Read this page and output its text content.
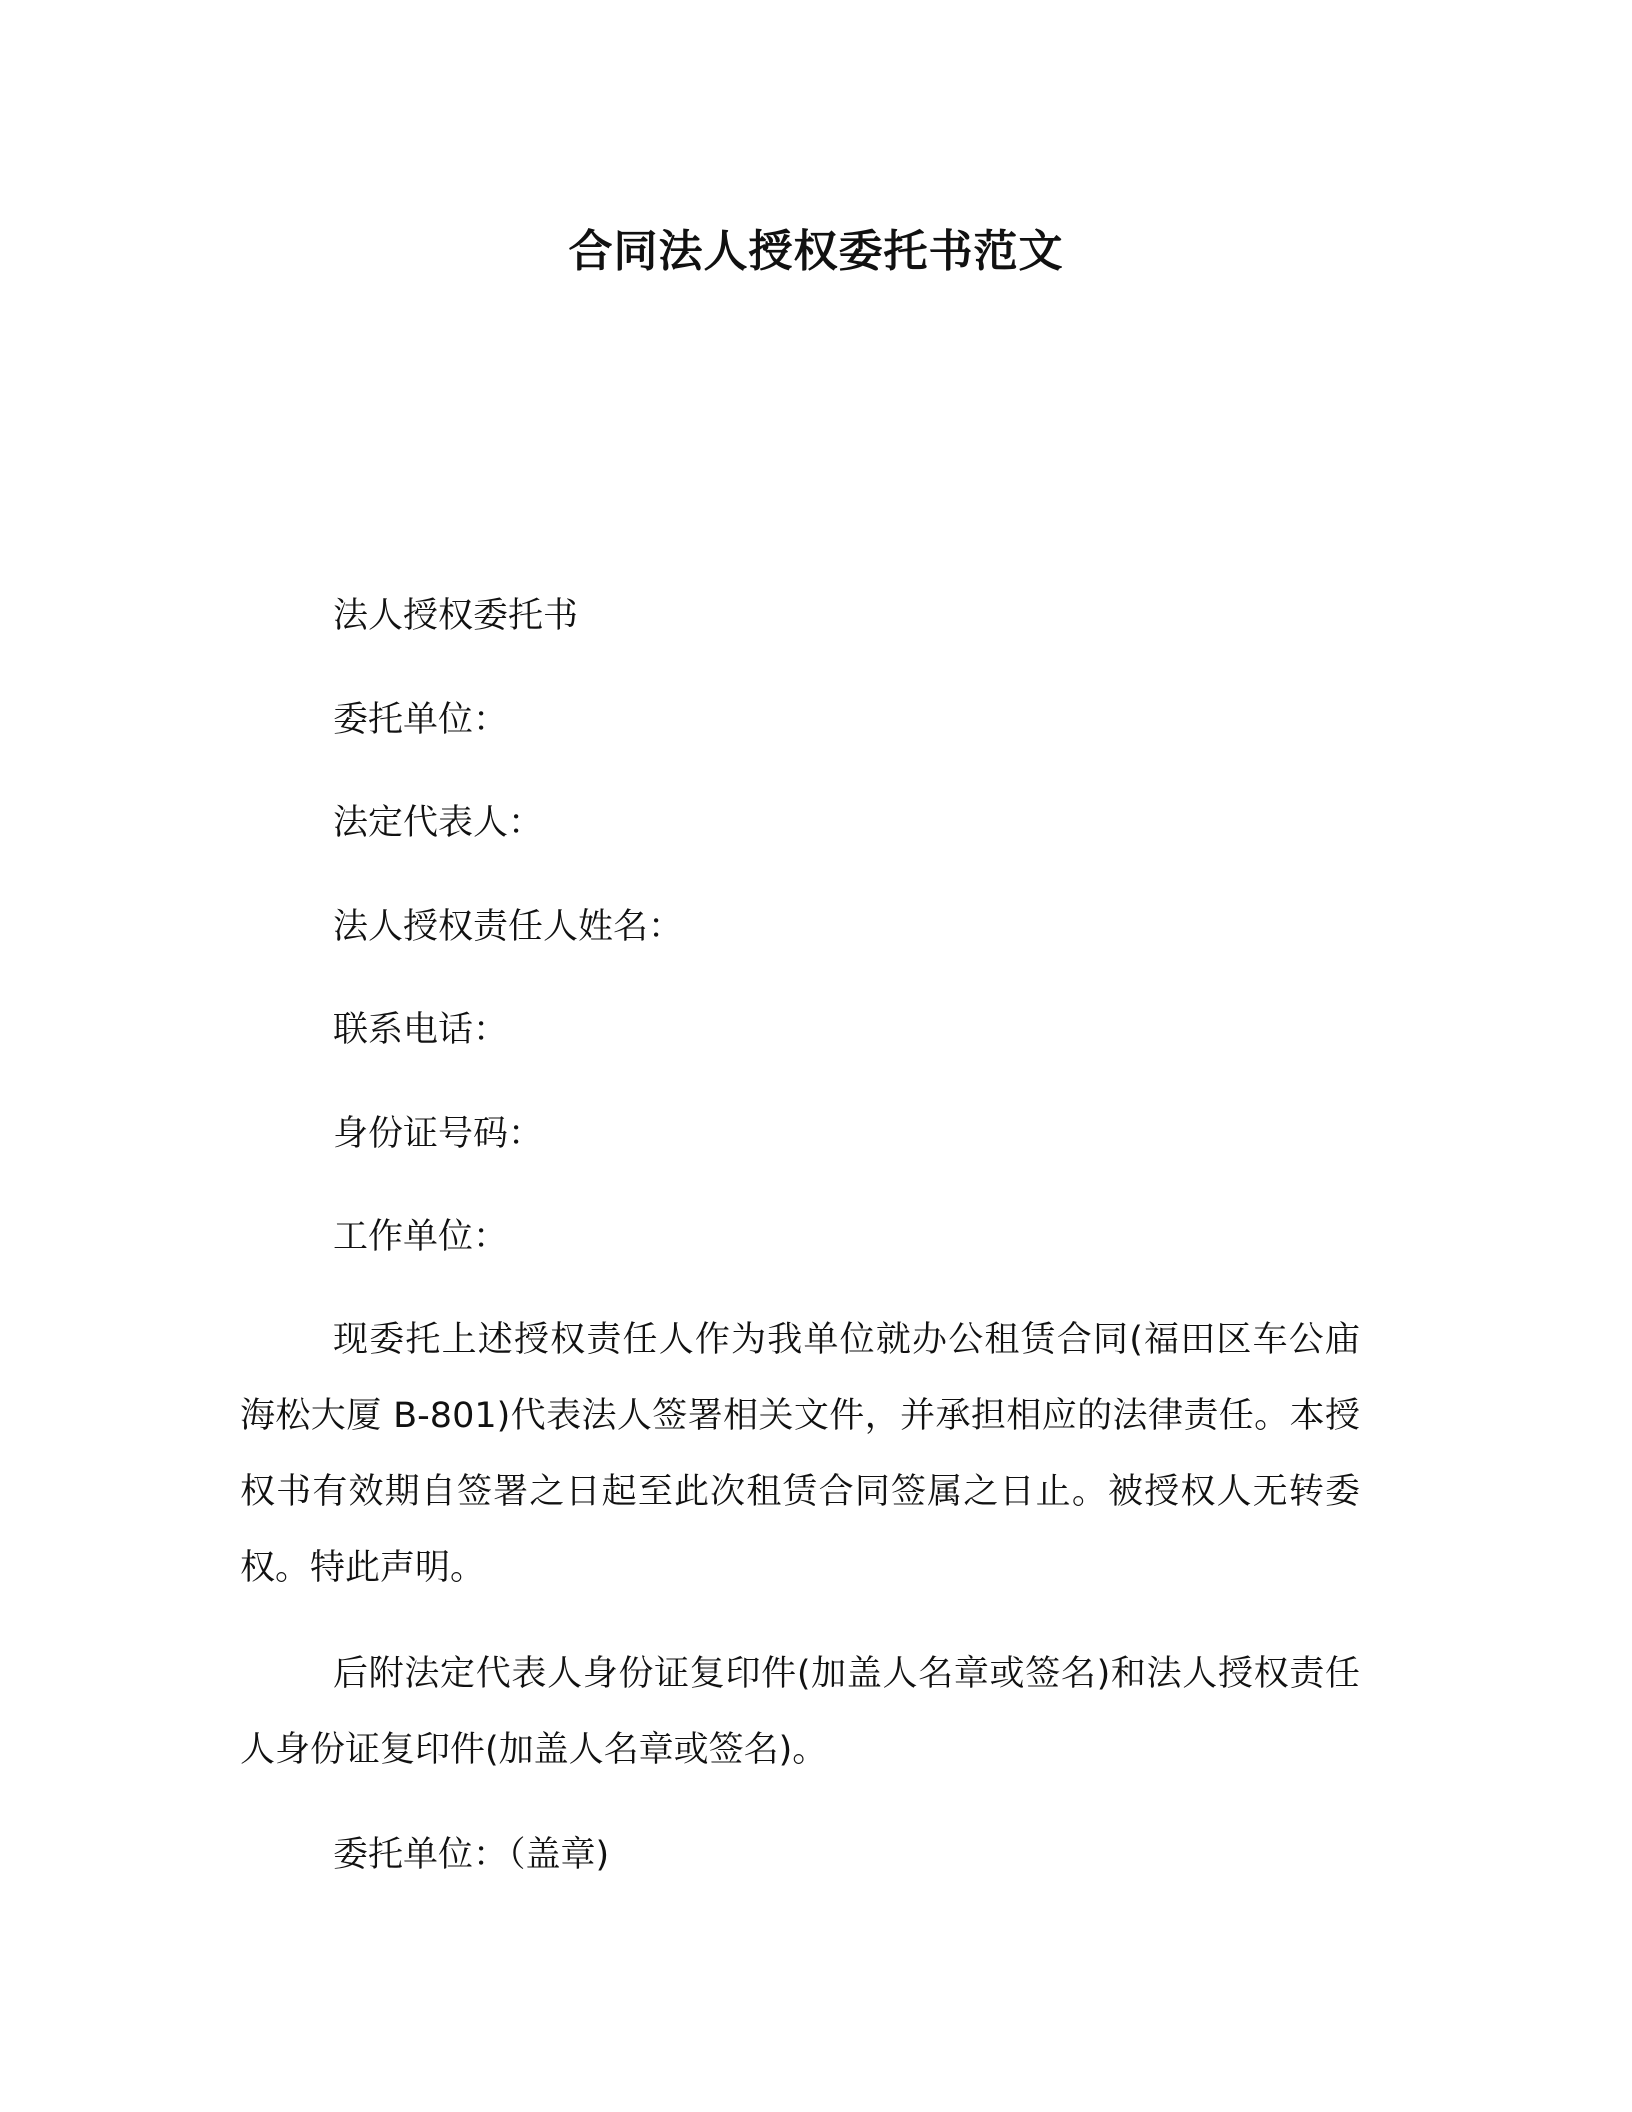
合同法人授权委托书范文
法人授权委托书
委托单位：
法定代表人：
法人授权责任人姓名：
联系电话：
身份证号码：
工作单位：
现委托上述授权责任人作为我单位就办公租赁合同(福田区车公庙海松大厦 B-801)代表法人签署相关文件，并承担相应的法律责任。本授权书有效期自签署之日起至此次租赁合同签属之日止。被授权人无转委权。特此声明。
后附法定代表人身份证复印件(加盖人名章或签名)和法人授权责任人身份证复印件(加盖人名章或签名)。
委托单位：（盖章)
